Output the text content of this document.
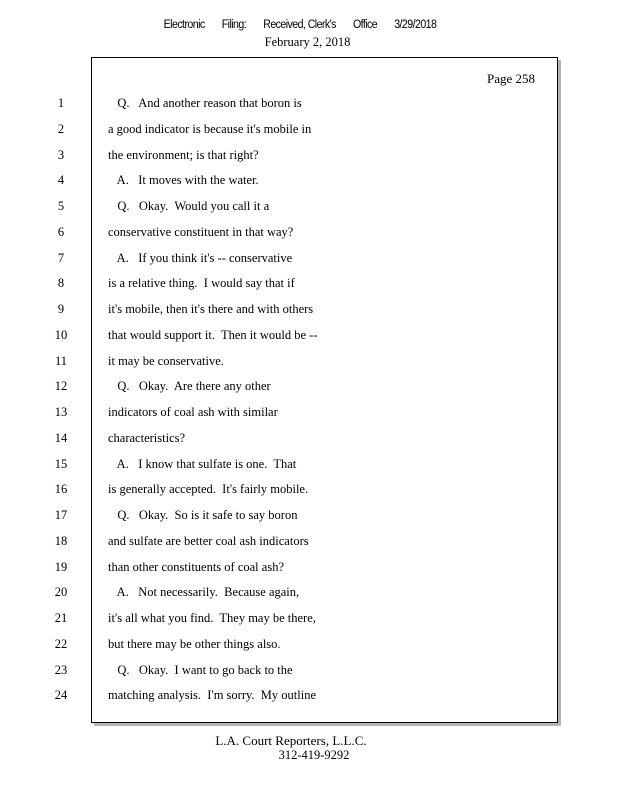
Electronic Filing: Received, Clerk's Office 3/29/2018
February 2, 2018
Page 258
1	Q.   And another reason that boron is
2	a good indicator is because it's mobile in
3	the environment; is that right?
4	A.   It moves with the water.
5	Q.   Okay.  Would you call it a
6	conservative constituent in that way?
7	A.   If you think it's -- conservative
8	is a relative thing.  I would say that if
9	it's mobile, then it's there and with others
10	that would support it.  Then it would be --
11	it may be conservative.
12	Q.   Okay.  Are there any other
13	indicators of coal ash with similar
14	characteristics?
15	A.   I know that sulfate is one.  That
16	is generally accepted.  It's fairly mobile.
17	Q.   Okay.  So is it safe to say boron
18	and sulfate are better coal ash indicators
19	than other constituents of coal ash?
20	A.   Not necessarily.  Because again,
21	it's all what you find.  They may be there,
22	but there may be other things also.
23	Q.   Okay.  I want to go back to the
24	matching analysis.  I'm sorry.  My outline
L.A. Court Reporters, L.L.C.
312-419-9292
